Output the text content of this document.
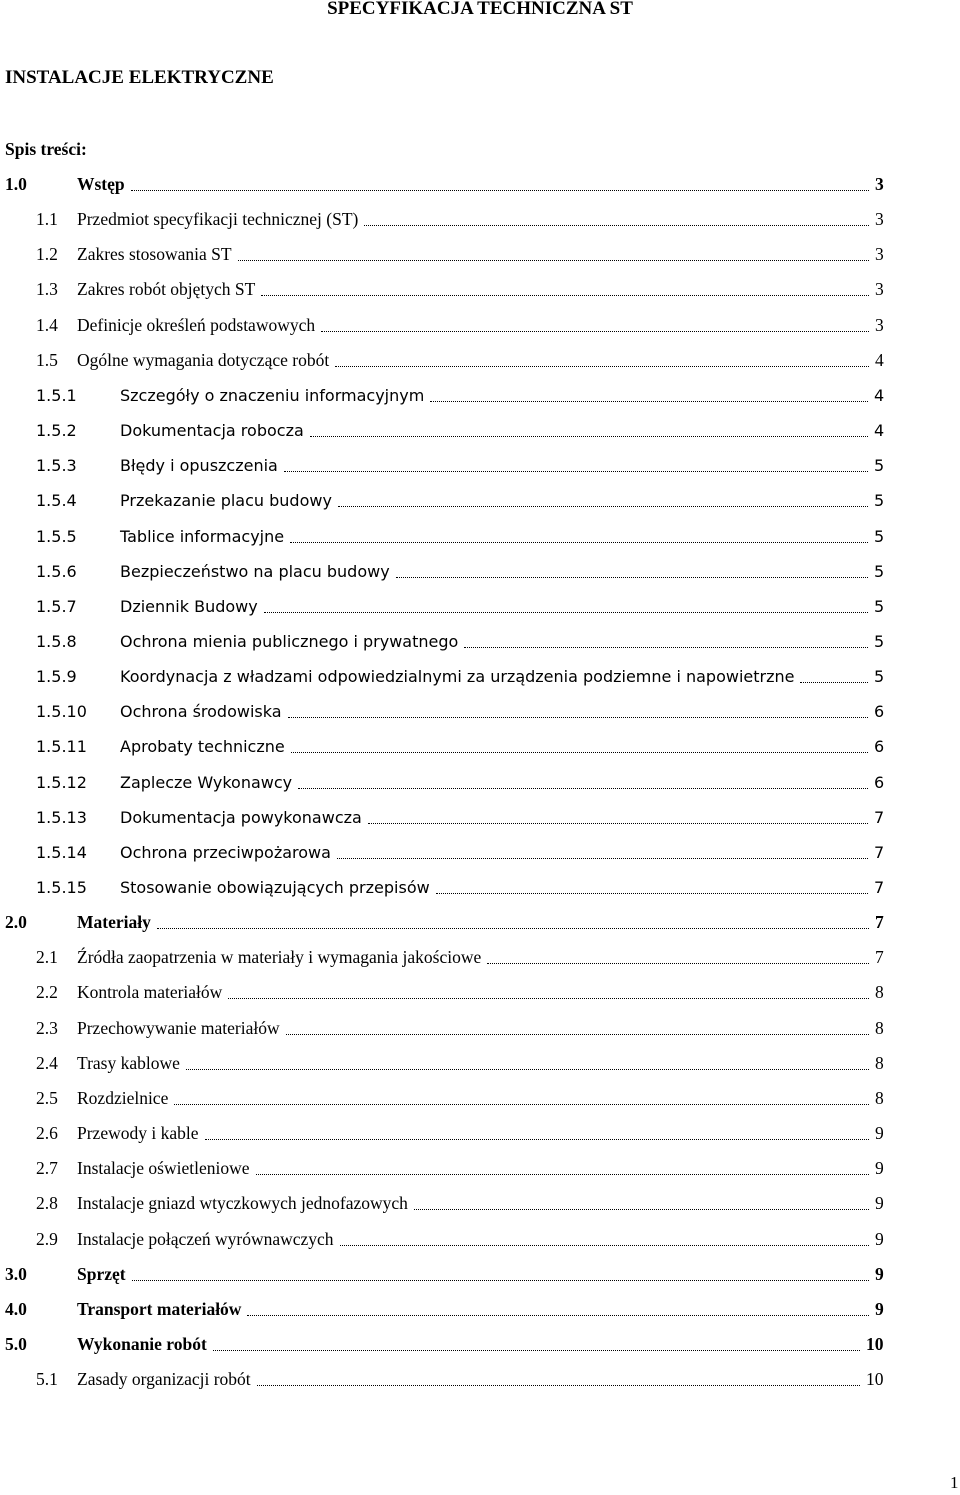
SPECYFIKACJA TECHNICZNA ST
INSTALACJE ELEKTRYCZNE
Spis treści:
1.0	Wstęp	3
1.1 Przedmiot specyfikacji technicznej (ST)	3
1.2 Zakres stosowania ST	3
1.3 Zakres robót objętych ST	3
1.4 Definicje określeń podstawowych	3
1.5 Ogólne wymagania dotyczące robót	4
1.5.1	Szczegóły o znaczeniu informacyjnym	4
1.5.2	Dokumentacja robocza	4
1.5.3	Błędy i opuszczenia	5
1.5.4	Przekazanie placu budowy	5
1.5.5	Tablice informacyjne	5
1.5.6	Bezpieczeństwo na placu budowy	5
1.5.7	Dziennik Budowy	5
1.5.8	Ochrona mienia publicznego i prywatnego	5
1.5.9	Koordynacja z władzami odpowiedzialnymi za urządzenia podziemne i napowietrzne	5
1.5.10 Ochrona środowiska	6
1.5.11 Aprobaty techniczne	6
1.5.12 Zaplecze Wykonawcy	6
1.5.13 Dokumentacja powykonawcza	7
1.5.14 Ochrona przeciwpożarowa	7
1.5.15 Stosowanie obowiązujących przepisów	7
2.0	Materiały	7
2.1 Źródła zaopatrzenia w materiały i wymagania jakościowe	7
2.2 Kontrola materiałów	8
2.3 Przechowywanie materiałów	8
2.4 Trasy kablowe	8
2.5 Rozdzielnice	8
2.6 Przewody i kable	9
2.7 Instalacje oświetleniowe	9
2.8 Instalacje gniazd wtyczkowych jednofazowych	9
2.9 Instalacje połączeń wyrównawczych	9
3.0	Sprzęt	9
4.0	Transport materiałów	9
5.0	Wykonanie robót	10
5.1 Zasady organizacji robót	10
1
